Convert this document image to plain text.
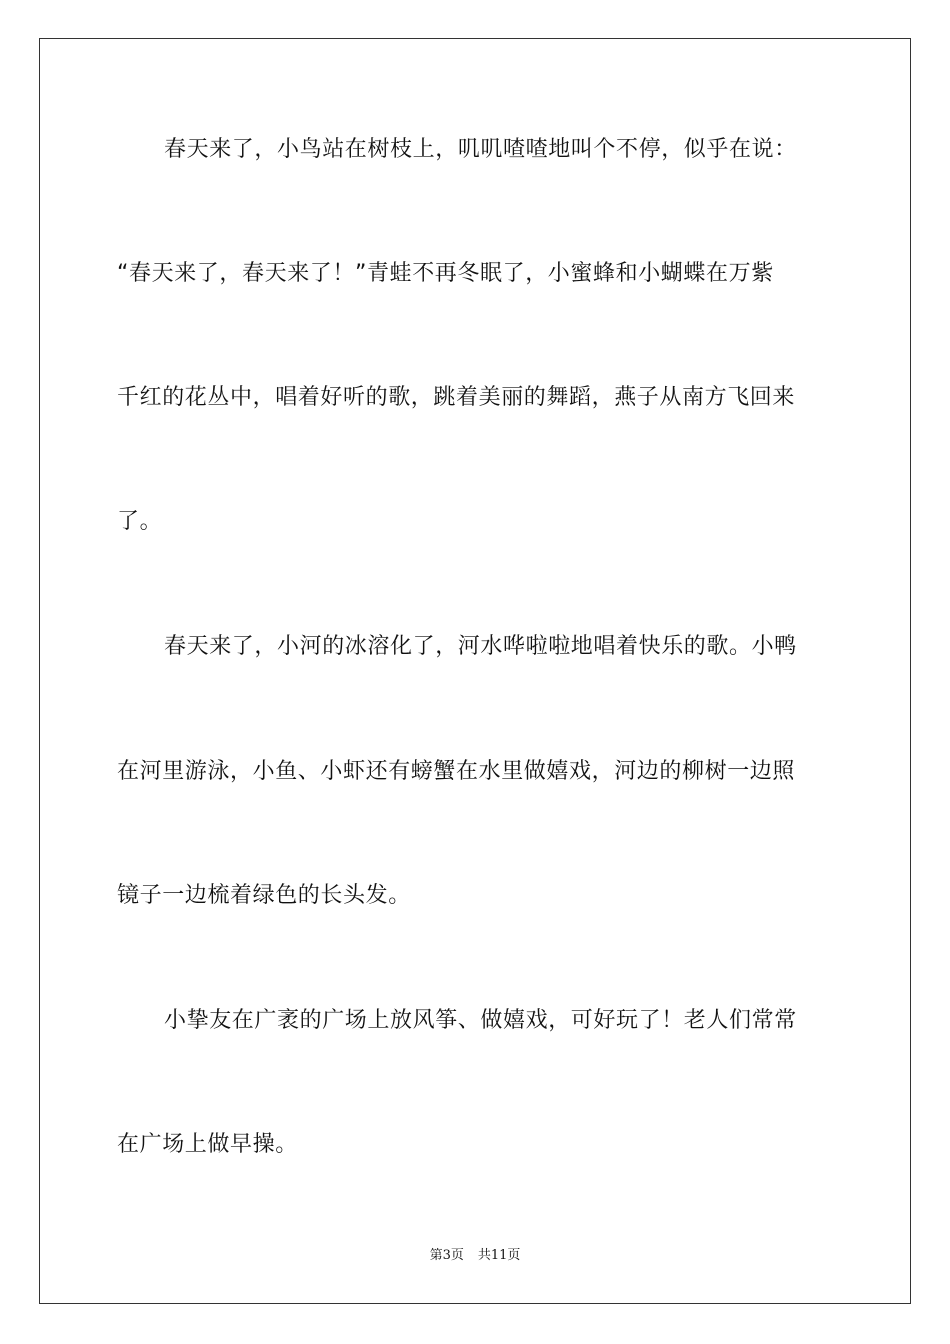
春天来了，小鸟站在树枝上，叽叽喳喳地叫个不停，似乎在说：
“春天来了，春天来了！”青蛙不再冬眠了，小蜜蜂和小蝴蝶在万紫
千红的花丛中，唱着好听的歌，跳着美丽的舞蹈，燕子从南方飞回来
了。
春天来了，小河的冰溶化了，河水哗啦啦地唱着快乐的歌。小鸭
在河里游泳，小鱼、小虾还有螃蟹在水里做嬉戏，河边的柳树一边照
镜子一边梳着绿色的长头发。
小挚友在广袤的广场上放风筝、做嬉戏，可好玩了！老人们常常
在广场上做早操。
第3页 共11页
